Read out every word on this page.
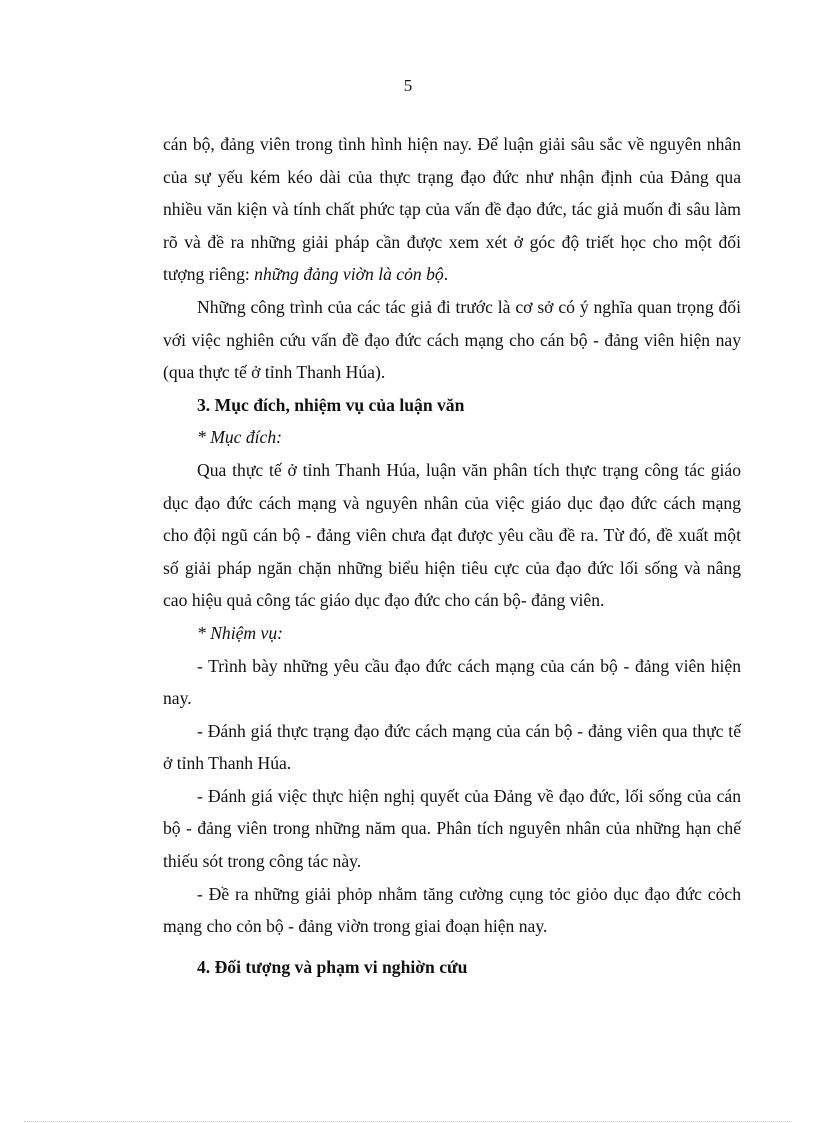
5

cán bộ, đảng viên trong tình hình hiện nay. Để luận giải sâu sắc về nguyên nhân của sự yếu kém kéo dài của thực trạng đạo đức như nhận định của Đảng qua nhiều văn kiện và tính chất phức tạp của vấn đề đạo đức, tác giả muốn đi sâu làm rõ và đề ra những giải pháp cần được xem xét ở góc độ triết học cho một đối tượng riêng: những đảng viờn là cỏn bộ.

Những công trình của các tác giả đi trước là cơ sở có ý nghĩa quan trọng đối với việc nghiên cứu vấn đề đạo đức cách mạng cho cán bộ - đảng viên hiện nay (qua thực tế ở tỉnh Thanh Húa).

3. Mục đích, nhiệm vụ của luận văn

* Mục đích:

Qua thực tế ở tỉnh Thanh Húa, luận văn phân tích thực trạng công tác giáo dục đạo đức cách mạng và nguyên nhân của việc giáo dục đạo đức cách mạng cho đội ngũ cán bộ - đảng viên chưa đạt được yêu cầu đề ra. Từ đó, đề xuất một số giải pháp ngăn chặn những biểu hiện tiêu cực của đạo đức lối sống và nâng cao hiệu quả công tác giáo dục đạo đức cho cán bộ- đảng viên.

* Nhiệm vụ:

- Trình bày những yêu cầu đạo đức cách mạng của cán bộ - đảng viên hiện nay.

- Đánh giá thực trạng đạo đức cách mạng của cán bộ - đảng viên qua thực tế ở tỉnh Thanh Húa.

- Đánh giá việc thực hiện nghị quyết của Đảng về đạo đức, lối sống của cán bộ - đảng viên trong những năm qua. Phân tích nguyên nhân của những hạn chế thiếu sót trong công tác này.

- Đề ra những giải phỏp nhằm tăng cường cụng tỏc giỏo dục đạo đức cỏch mạng cho cỏn bộ - đảng viờn trong giai đoạn hiện nay.

4. Đối tượng và phạm vi nghiờn cứu
